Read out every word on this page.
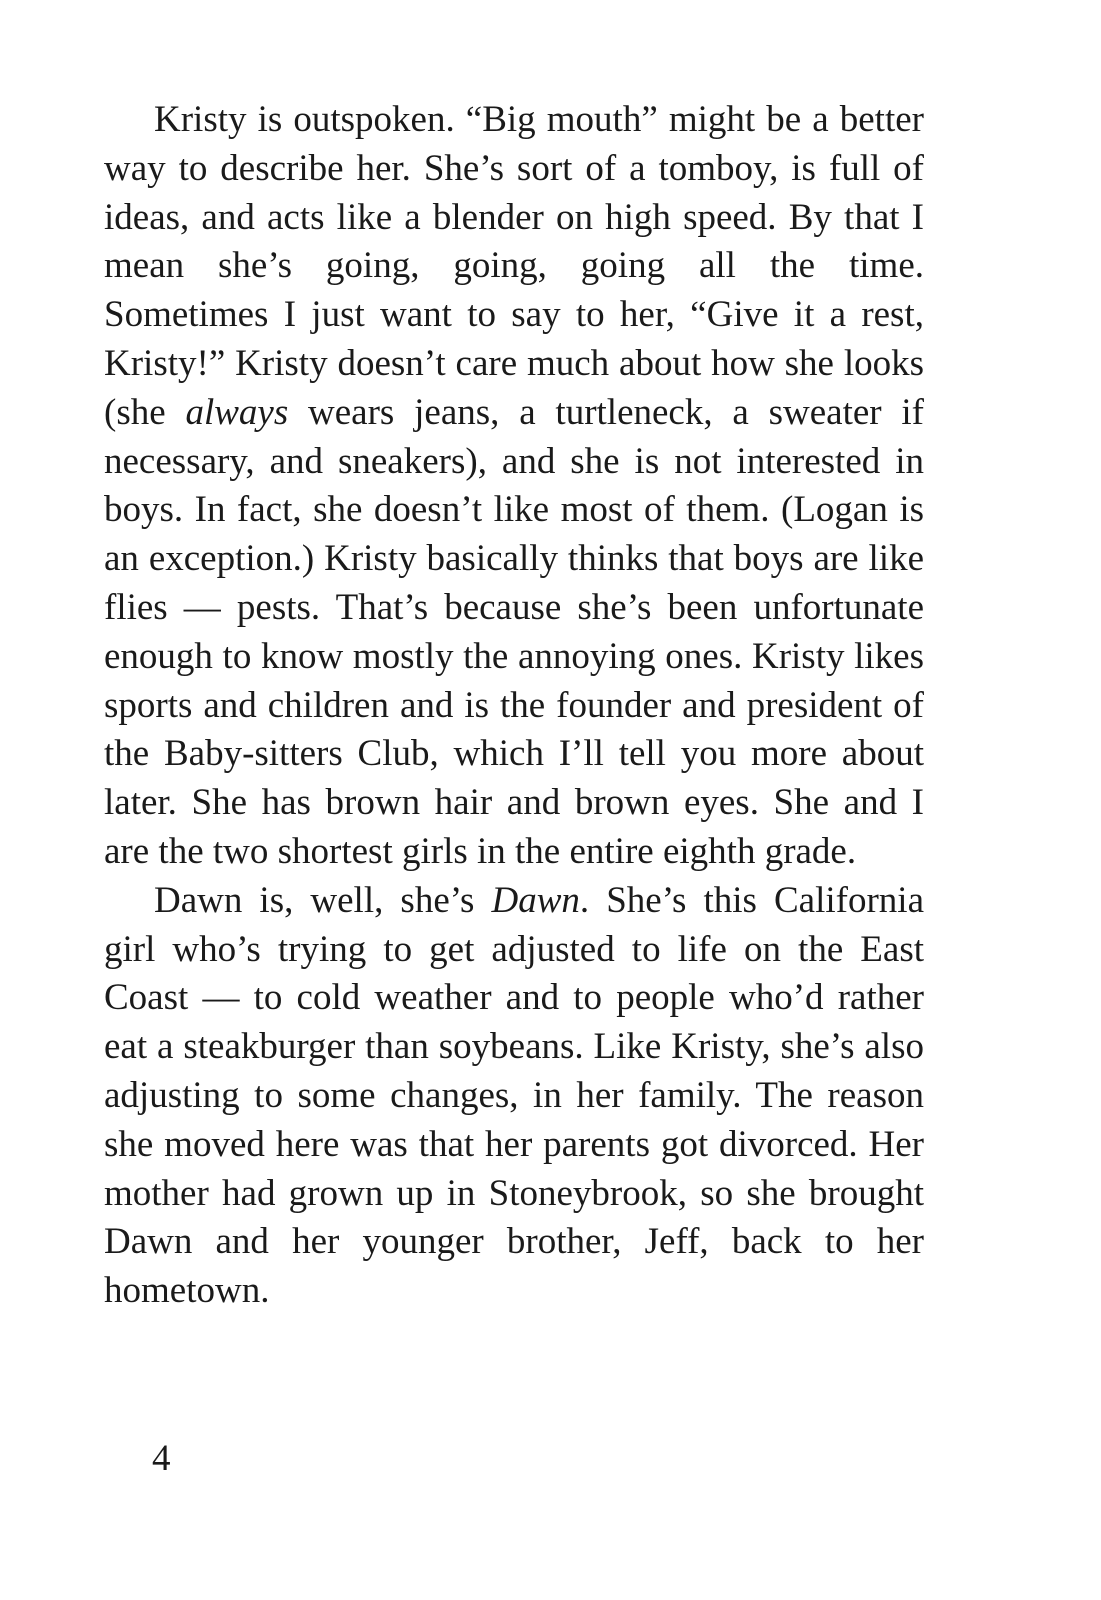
Kristy is outspoken. “Big mouth” might be a better way to describe her. She’s sort of a tomboy, is full of ideas, and acts like a blender on high speed. By that I mean she’s going, going, going all the time. Sometimes I just want to say to her, “Give it a rest, Kristy!” Kristy doesn’t care much about how she looks (she always wears jeans, a turtleneck, a sweater if necessary, and sneakers), and she is not interested in boys. In fact, she doesn’t like most of them. (Logan is an exception.) Kristy basically thinks that boys are like flies — pests. That’s because she’s been unfortunate enough to know mostly the annoying ones. Kristy likes sports and children and is the founder and president of the Baby-sitters Club, which I’ll tell you more about later. She has brown hair and brown eyes. She and I are the two shortest girls in the entire eighth grade.

Dawn is, well, she’s Dawn. She’s this California girl who’s trying to get adjusted to life on the East Coast — to cold weather and to people who’d rather eat a steakburger than soybeans. Like Kristy, she’s also adjusting to some changes, in her family. The reason she moved here was that her parents got divorced. Her mother had grown up in Stoneybrook, so she brought Dawn and her younger brother, Jeff, back to her hometown.

4
